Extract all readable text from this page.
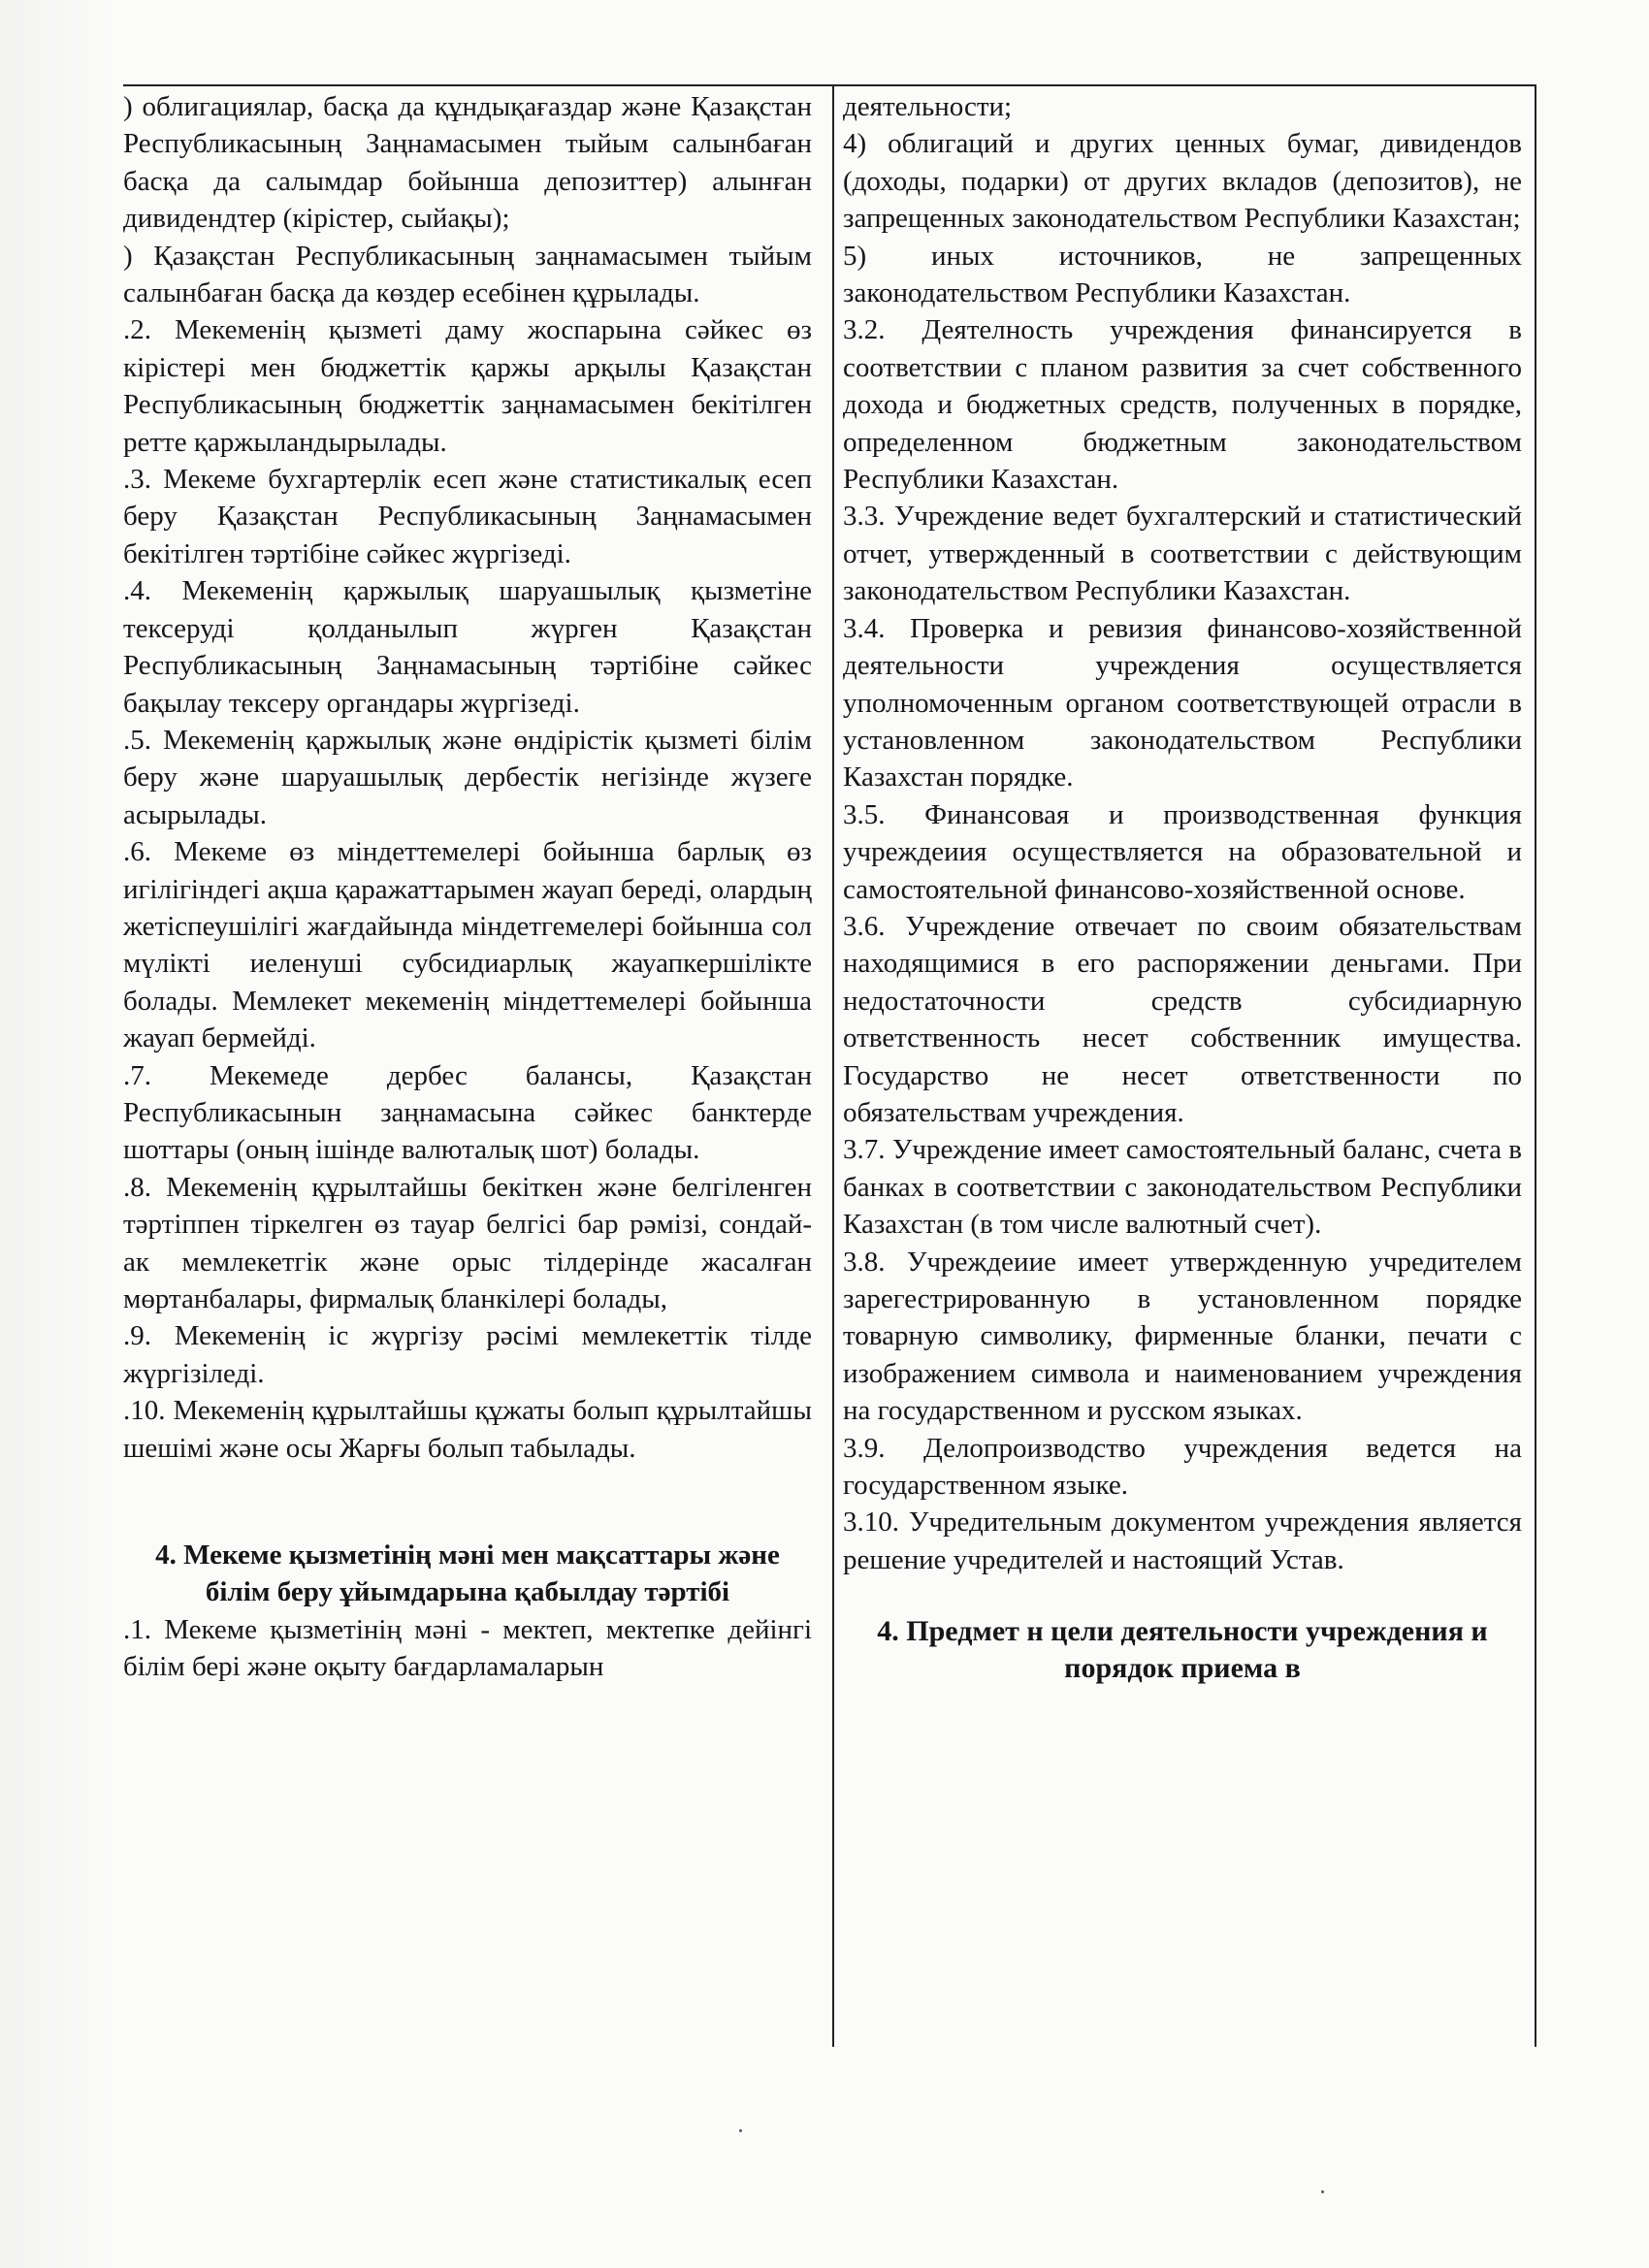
) облигациялар, басқа да құндықағаздар және Қазақстан Республикасының Заңнамасымен тыйым салынбаған басқа да салымдар бойынша депозиттер) алынған дивидендтер (кірістер, сыйақы);

) Қазақстан Республикасының заңнамасымен тыйым салынбаған басқа да көздер есебінен құрылады.

.2. Мекеменің қызметі даму жоспарына сәйкес өз кірістері мен бюджеттік қаржы арқылы Қазақстан Республикасының бюджеттік заңнамасымен бекітілген ретте қаржыландырылады.

.3. Мекеме бухгартерлік есеп және статистикалық есеп беру Қазақстан Республикасының Заңнамасымен бекітілген тәртібіне сәйкес жүргізеді.

.4. Мекеменің қаржылық шаруашылық қызметіне тексеруді қолданылып жүрген Қазақстан Республикасының Заңнамасының тәртібіне сәйкес бақылау тексеру органдары жүргізеді.

.5. Мекеменің қаржылық және өндірістік қызметі білім беру және шаруашылық дербестік негізінде жүзеге асырылады.

.6. Мекеме өз міндеттемелері бойынша барлық өз игілігіндегі ақша қаражаттарымен жауап береді, олардың жетіспеушілігі жағдайында міндетгемелері бойынша сол мүлікті иеленуші субсидиарлық жауапкершілікте болады. Мемлекет мекеменің міндеттемелері бойынша жауап бермейді.

.7. Мекемеде дербес балансы, Қазақстан Республикасынын заңнамасына сәйкес банктерде шоттары (оның ішінде валюталық шот) болады.

.8. Мекеменің құрылтайшы бекіткен және белгіленген тәртіппен тіркелген өз тауар белгісі бар рәмізі, сондай- ак мемлекетгік және орыс тілдерінде жасалған мөртанбалары, фирмалық бланкілері болады,

.9. Мекеменің іс жүргізу рәсімі мемлекеттік тілде жүргізіледі.

.10. Мекеменің құрылтайшы құжаты болып құрылтайшы шешімі және осы Жарғы болып табылады.

4. Мекеме қызметінің мәні мен мақсаттары және білім беру ұйымдарына қабылдау тәртібі

.1. Мекеме қызметінің мәні - мектеп, мектепке дейінгі білім бері және оқыту бағдарламаларын

деятельности;

4) облигаций и других ценных бумаг, дивидендов (доходы, подарки) от других вкладов (депозитов), не запрещенных законодательством Республики Казахстан;

5) иных источников, не запрещенных законодательством Республики Казахстан.

3.2. Деятелность учреждения финансируется в соответствии с планом развития за счет собственного дохода и бюджетных средств, полученных в порядке, определенном бюджетным законодательством Республики Казахстан.

3.3. Учреждение ведет бухгалтерский и статистический отчет, утвержденный в соответствии с действующим законодательством Республики Казахстан.

3.4. Проверка и ревизия финансово-хозяйственной деятельности учреждения осуществляется уполномоченным органом соответствующей отрасли в установленном законодательством Республики Казахстан порядке.

3.5. Финансовая и производственная функция учреждеиия осуществляется на образовательной и самостоятельной финансово-хозяйственной основе.

3.6. Учреждение отвечает по своим обязательствам находящимися в его распоряжении деньгами. При недостаточности средств субсидиарную ответственность несет собственник имущества. Государство не несет ответственности по обязательствам учреждения.

3.7. Учреждение имеет самостоятельный баланс, счета в банках в соответствии с законодательством Республики Казахстан (в том числе валютный счет).

3.8. Учреждеиие имеет утвержденную учредителем зарегестрированную в установленном порядке товарную символику, фирменные бланки, печати с изображением символа и наименованием учреждения на государственном и русском языках.

3.9. Делопроизводство учреждения ведется на государственном языке.

3.10. Учредительным документом учреждения является решение учредителей и настоящий Устав.

4. Предмет н цели деятельности учреждения и порядок приема в
